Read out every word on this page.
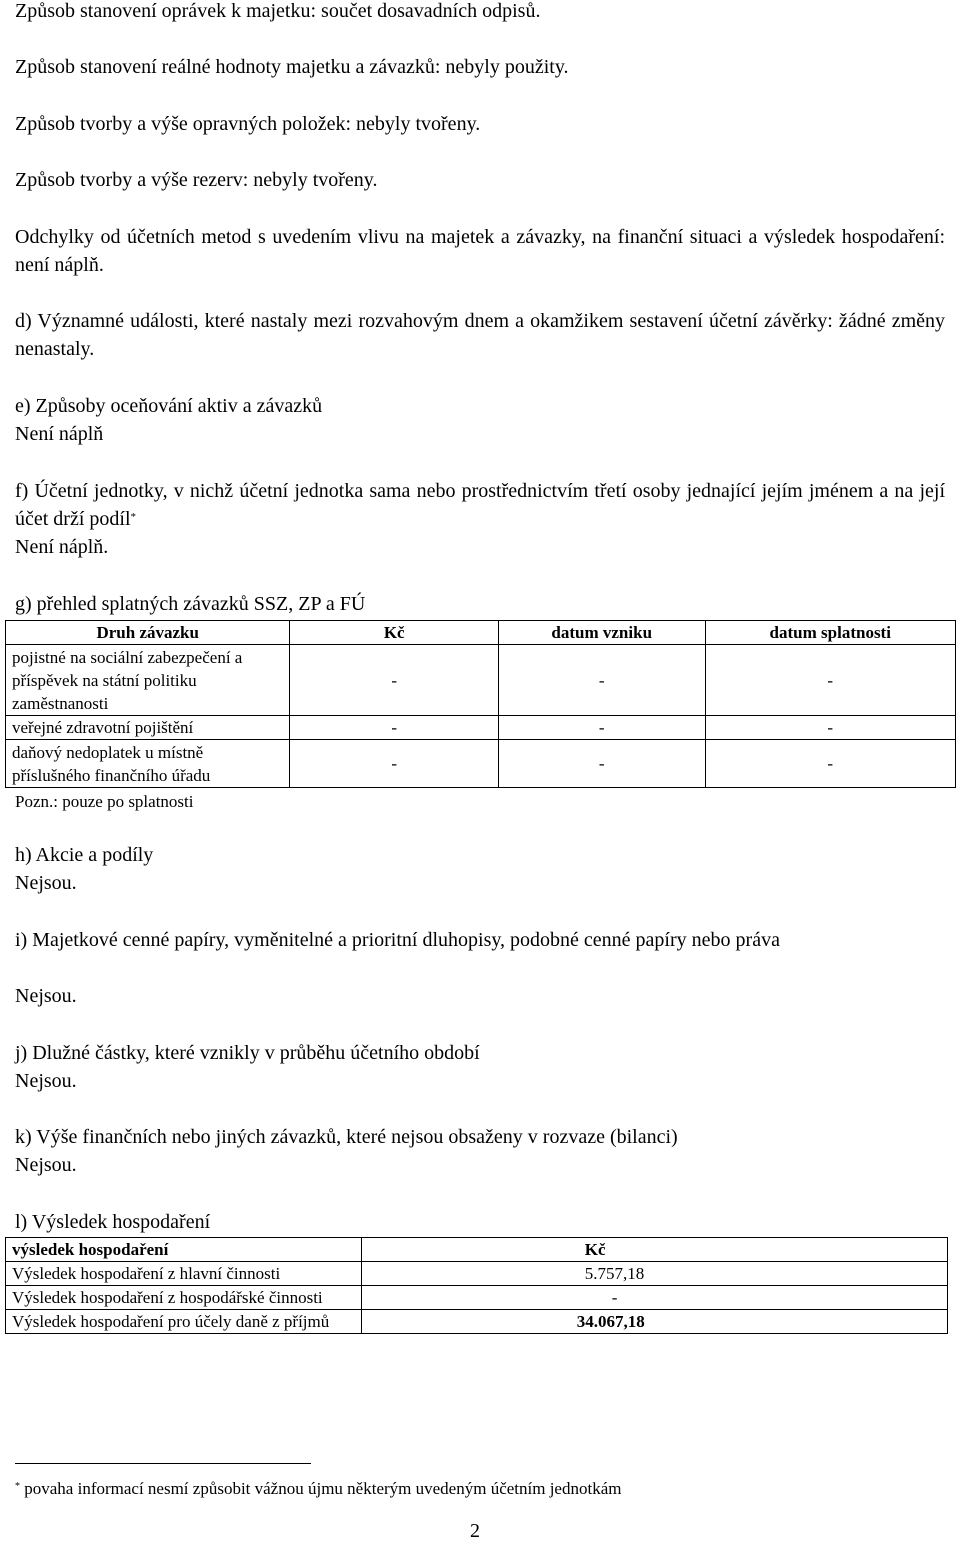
Způsob stanovení oprávek k majetku: součet dosavadních odpisů.

Způsob stanovení reálné hodnoty majetku a závazků: nebyly použity.

Způsob tvorby a výše opravných položek: nebyly tvořeny.

Způsob tvorby a výše rezerv: nebyly tvořeny.

Odchylky od účetních metod s uvedením vlivu na majetek a závazky, na finanční situaci a výsledek hospodaření: není náplň.

d) Významné události, které nastaly mezi rozvahovým dnem a okamžikem sestavení účetní závěrky: žádné změny nenastaly.

e) Způsoby oceňování aktiv a závazků

Není náplň

f) Účetní jednotky, v nichž účetní jednotka sama nebo prostřednictvím třetí osoby jednající jejím jménem a na její účet drží podíl*

Není náplň.

g) přehled splatných závazků SSZ, ZP a FÚ

Druh závazku	Kč	datum vzniku	datum splatnosti
pojistné na sociální zabezpečení a příspěvek na státní politiku zaměstnanosti	-	-	-
veřejné zdravotní pojištění	-	-	-
daňový nedoplatek u místně příslušného finančního úřadu	-	-	-
Pozn.: pouze po splatnosti

h) Akcie a podíly

Nejsou.

i) Majetkové cenné papíry, vyměnitelné a prioritní dluhopisy, podobné cenné papíry nebo práva

Nejsou.

j) Dlužné částky, které vznikly v průběhu účetního období

Nejsou.

k) Výše finančních nebo jiných závazků, které nejsou obsaženy v rozvaze (bilanci)

Nejsou.

l) Výsledek hospodaření

výsledek hospodaření	Kč
Výsledek hospodaření z hlavní činnosti	5.757,18
Výsledek hospodaření z hospodářské činnosti	-
Výsledek hospodaření pro účely daně z příjmů	34.067,18
* povaha informací nesmí způsobit vážnou újmu některým uvedeným účetním jednotkám
2
